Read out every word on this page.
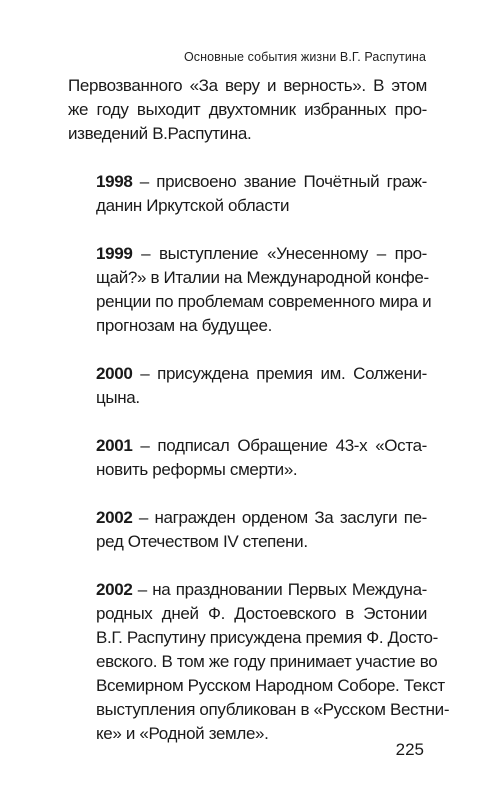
Основные события жизни В.Г. Распутина

Первозванного «За веру и верность». В этом
же году выходит двухтомник избранных про-
изведений В.Распутина.

1998 – присвоено звание Почётный граж-
данин Иркутской области

1999 – выступление «Унесенному – про-
щай?» в Италии на Международной конфе-
ренции по проблемам современного мира и
прогнозам на будущее.

2000 – присуждена премия им. Солжени-
цына.

2001 – подписал Обращение 43-х «Оста-
новить реформы смерти».

2002 – награжден орденом За заслуги пе-
ред Отечеством IV степени.

2002 – на праздновании Первых Междуна-
родных дней Ф. Достоевского в Эстонии
В.Г. Распутину присуждена премия Ф. Досто-
евского. В том же году принимает участие во
Всемирном Русском Народном Соборе. Текст
выступления опубликован в «Русском Вестни-
ке» и «Родной земле».

225
